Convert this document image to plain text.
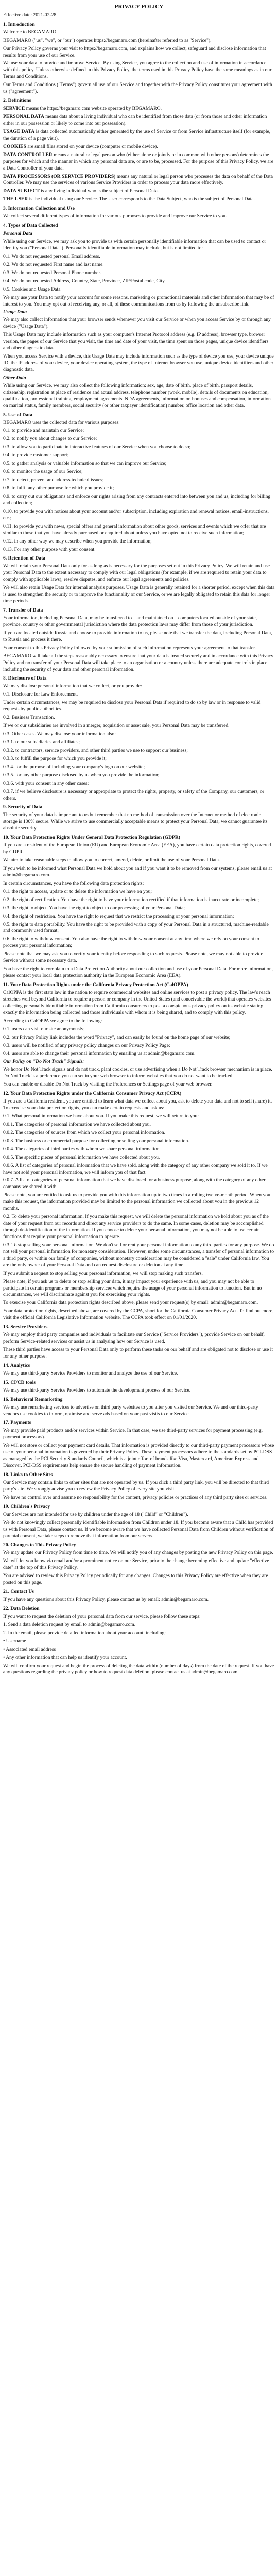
PRIVACY POLICY
Effective date: 2021-02-28
1. Introduction
Welcome to BEGAMARO.
BEGAMARO ("us", "we", or "our") operates https://begamaro.com (hereinafter referred to as "Service").
Our Privacy Policy governs your visit to https://begamaro.com, and explains how we collect, safeguard and disclose information that results from your use of our Service.
We use your data to provide and improve Service. By using Service, you agree to the collection and use of information in accordance with this policy. Unless otherwise defined in this Privacy Policy, the terms used in this Privacy Policy have the same meanings as in our Terms and Conditions.
Our Terms and Conditions ("Terms") govern all use of our Service and together with the Privacy Policy constitutes your agreement with us ("agreement").
2. Definitions
SERVICE means the https://begamaro.com website operated by BEGAMARO.
PERSONAL DATA means data about a living individual who can be identified from those data (or from those and other information either in our possession or likely to come into our possession).
USAGE DATA is data collected automatically either generated by the use of Service or from Service infrastructure itself (for example, the duration of a page visit).
COOKIES are small files stored on your device (computer or mobile device).
DATA CONTROLLER means a natural or legal person who (either alone or jointly or in common with other persons) determines the purposes for which and the manner in which any personal data are, or are to be, processed. For the purpose of this Privacy Policy, we are a Data Controller of your data.
DATA PROCESSORS (OR SERVICE PROVIDERS) means any natural or legal person who processes the data on behalf of the Data Controller. We may use the services of various Service Providers in order to process your data more effectively.
DATA SUBJECT is any living individual who is the subject of Personal Data.
THE USER is the individual using our Service. The User corresponds to the Data Subject, who is the subject of Personal Data.
3. Information Collection and Use
We collect several different types of information for various purposes to provide and improve our Service to you.
4. Types of Data Collected
Personal Data
While using our Service, we may ask you to provide us with certain personally identifiable information that can be used to contact or identify you ("Personal Data"). Personally identifiable information may include, but is not limited to:
0.1. We do not requested personal Email address.
0.2. We do not requested First name and last name.
0.3. We do not requested Personal Phone number.
0.4. We do not requested Address, Country, State, Province, ZIP/Postal code, City.
0.5. Cookies and Usage Data
We may use your Data to notify your account for some reasons, marketing or promotional materials and other information that may be of interest to you. You may opt out of receiving any, or all, of these communications from us by following the unsubscribe link.
Usage Data
We may also collect information that your browser sends whenever you visit our Service or when you access Service by or through any device ("Usage Data").
This Usage Data may include information such as your computer's Internet Protocol address (e.g. IP address), browser type, browser version, the pages of our Service that you visit, the time and date of your visit, the time spent on those pages, unique device identifiers and other diagnostic data.
When you access Service with a device, this Usage Data may include information such as the type of device you use, your device unique ID, the IP address of your device, your device operating system, the type of Internet browser you use, unique device identifiers and other diagnostic data.
Other Data
While using our Service, we may also collect the following information: sex, age, date of birth, place of birth, passport details, citizenship, registration at place of residence and actual address, telephone number (work, mobile), details of documents on education, qualification, professional training, employment agreements, NDA agreements, information on bonuses and compensation, information on marital status, family members, social security (or other taxpayer identification) number, office location and other data.
5. Use of Data
BEGAMARO uses the collected data for various purposes:
0.1. to provide and maintain our Service;
0.2. to notify you about changes to our Service;
0.3. to allow you to participate in interactive features of our Service when you choose to do so;
0.4. to provide customer support;
0.5. to gather analysis or valuable information so that we can improve our Service;
0.6. to monitor the usage of our Service;
0.7. to detect, prevent and address technical issues;
0.8. to fulfil any other purpose for which you provide it;
0.9. to carry out our obligations and enforce our rights arising from any contracts entered into between you and us, including for billing and collection;
0.10. to provide you with notices about your account and/or subscription, including expiration and renewal notices, email-instructions, etc.;
0.11. to provide you with news, special offers and general information about other goods, services and events which we offer that are similar to those that you have already purchased or enquired about unless you have opted not to receive such information;
0.12. in any other way we may describe when you provide the information;
0.13. For any other purpose with your consent.
6. Retention of Data
We will retain your Personal Data only for as long as is necessary for the purposes set out in this Privacy Policy. We will retain and use your Personal Data to the extent necessary to comply with our legal obligations (for example, if we are required to retain your data to comply with applicable laws), resolve disputes, and enforce our legal agreements and policies.
We will also retain Usage Data for internal analysis purposes. Usage Data is generally retained for a shorter period, except when this data is used to strengthen the security or to improve the functionality of our Service, or we are legally obligated to retain this data for longer time periods.
7. Transfer of Data
Your information, including Personal Data, may be transferred to – and maintained on – computers located outside of your state, province, country or other governmental jurisdiction where the data protection laws may differ from those of your jurisdiction.
If you are located outside Russia and choose to provide information to us, please note that we transfer the data, including Personal Data, to Russia and process it there.
Your consent to this Privacy Policy followed by your submission of such information represents your agreement to that transfer.
BEGAMARO will take all the steps reasonably necessary to ensure that your data is treated securely and in accordance with this Privacy Policy and no transfer of your Personal Data will take place to an organisation or a country unless there are adequate controls in place including the security of your data and other personal information.
8. Disclosure of Data
We may disclose personal information that we collect, or you provide:
0.1. Disclosure for Law Enforcement.
Under certain circumstances, we may be required to disclose your Personal Data if required to do so by law or in response to valid requests by public authorities.
0.2. Business Transaction.
If we or our subsidiaries are involved in a merger, acquisition or asset sale, your Personal Data may be transferred.
0.3. Other cases. We may disclose your information also:
0.3.1. to our subsidiaries and affiliates;
0.3.2. to contractors, service providers, and other third parties we use to support our business;
0.3.3. to fulfill the purpose for which you provide it;
0.3.4. for the purpose of including your company's logo on our website;
0.3.5. for any other purpose disclosed by us when you provide the information;
0.3.6. with your consent in any other cases;
0.3.7. if we believe disclosure is necessary or appropriate to protect the rights, property, or safety of the Company, our customers, or others.
9. Security of Data
The security of your data is important to us but remember that no method of transmission over the Internet or method of electronic storage is 100% secure. While we strive to use commercially acceptable means to protect your Personal Data, we cannot guarantee its absolute security.
10. Your Data Protection Rights Under General Data Protection Regulation (GDPR)
If you are a resident of the European Union (EU) and European Economic Area (EEA), you have certain data protection rights, covered by GDPR.
We aim to take reasonable steps to allow you to correct, amend, delete, or limit the use of your Personal Data.
If you wish to be informed what Personal Data we hold about you and if you want it to be removed from our systems, please email us at admin@begamaro.com.
In certain circumstances, you have the following data protection rights:
0.1. the right to access, update or to delete the information we have on you;
0.2. the right of rectification. You have the right to have your information rectified if that information is inaccurate or incomplete;
0.3. the right to object. You have the right to object to our processing of your Personal Data;
0.4. the right of restriction. You have the right to request that we restrict the processing of your personal information;
0.5. the right to data portability. You have the right to be provided with a copy of your Personal Data in a structured, machine-readable and commonly used format;
0.6. the right to withdraw consent. You also have the right to withdraw your consent at any time where we rely on your consent to process your personal information;
Please note that we may ask you to verify your identity before responding to such requests. Please note, we may not able to provide Service without some necessary data.
You have the right to complain to a Data Protection Authority about our collection and use of your Personal Data. For more information, please contact your local data protection authority in the European Economic Area (EEA).
11. Your Data Protection Rights under the California Privacy Protection Act (CalOPPA)
CalOPPA is the first state law in the nation to require commercial websites and online services to post a privacy policy. The law's reach stretches well beyond California to require a person or company in the United States (and conceivable the world) that operates websites collecting personally identifiable information from California consumers to post a conspicuous privacy policy on its website stating exactly the information being collected and those individuals with whom it is being shared, and to comply with this policy.
According to CalOPPA we agree to the following:
0.1. users can visit our site anonymously;
0.2. our Privacy Policy link includes the word "Privacy", and can easily be found on the home page of our website;
0.3. users will be notified of any privacy policy changes on our Privacy Policy Page;
0.4. users are able to change their personal information by emailing us at admin@begamaro.com.
Our Policy on "Do Not Track" Signals:
We honor Do Not Track signals and do not track, plant cookies, or use advertising when a Do Not Track browser mechanism is in place. Do Not Track is a preference you can set in your web browser to inform websites that you do not want to be tracked.
You can enable or disable Do Not Track by visiting the Preferences or Settings page of your web browser.
12. Your Data Protection Rights under the California Consumer Privacy Act (CCPA)
If you are a California resident, you are entitled to learn what data we collect about you, ask to delete your data and not to sell (share) it. To exercise your data protection rights, you can make certain requests and ask us:
0.1. What personal information we have about you. If you make this request, we will return to you:
0.0.1. The categories of personal information we have collected about you.
0.0.2. The categories of sources from which we collect your personal information.
0.0.3. The business or commercial purpose for collecting or selling your personal information.
0.0.4. The categories of third parties with whom we share personal information.
0.0.5. The specific pieces of personal information we have collected about you.
0.0.6. A list of categories of personal information that we have sold, along with the category of any other company we sold it to. If we have not sold your personal information, we will inform you of that fact.
0.0.7. A list of categories of personal information that we have disclosed for a business purpose, along with the category of any other company we shared it with.
Please note, you are entitled to ask us to provide you with this information up to two times in a rolling twelve-month period. When you make this request, the information provided may be limited to the personal information we collected about you in the previous 12 months.
0.2. To delete your personal information. If you make this request, we will delete the personal information we hold about you as of the date of your request from our records and direct any service providers to do the same. In some cases, deletion may be accomplished through de-identification of the information. If you choose to delete your personal information, you may not be able to use certain functions that require your personal information to operate.
0.3. To stop selling your personal information. We don't sell or rent your personal information to any third parties for any purpose. We do not sell your personal information for monetary consideration. However, under some circumstances, a transfer of personal information to a third party, or within our family of companies, without monetary consideration may be considered a "sale" under California law. You are the only owner of your Personal Data and can request disclosure or deletion at any time.
If you submit a request to stop selling your personal information, we will stop making such transfers.
Please note, if you ask us to delete or stop selling your data, it may impact your experience with us, and you may not be able to participate in certain programs or membership services which require the usage of your personal information to function. But in no circumstances, we will discriminate against you for exercising your rights.
To exercise your California data protection rights described above, please send your request(s) by email: admin@begamaro.com.
Your data protection rights, described above, are covered by the CCPA, short for the California Consumer Privacy Act. To find out more, visit the official California Legislative Information website. The CCPA took effect on 01/01/2020.
13. Service Providers
We may employ third party companies and individuals to facilitate our Service ("Service Providers"), provide Service on our behalf, perform Service-related services or assist us in analysing how our Service is used.
These third parties have access to your Personal Data only to perform these tasks on our behalf and are obligated not to disclose or use it for any other purpose.
14. Analytics
We may use third-party Service Providers to monitor and analyze the use of our Service.
15. CI/CD tools
We may use third-party Service Providers to automate the development process of our Service.
16. Behavioral Remarketing
We may use remarketing services to advertise on third party websites to you after you visited our Service. We and our third-party vendors use cookies to inform, optimise and serve ads based on your past visits to our Service.
17. Payments
We may provide paid products and/or services within Service. In that case, we use third-party services for payment processing (e.g. payment processors).
We will not store or collect your payment card details. That information is provided directly to our third-party payment processors whose use of your personal information is governed by their Privacy Policy. These payment processors adhere to the standards set by PCI-DSS as managed by the PCI Security Standards Council, which is a joint effort of brands like Visa, Mastercard, American Express and Discover. PCI-DSS requirements help ensure the secure handling of payment information.
18. Links to Other Sites
Our Service may contain links to other sites that are not operated by us. If you click a third party link, you will be directed to that third party's site. We strongly advise you to review the Privacy Policy of every site you visit.
We have no control over and assume no responsibility for the content, privacy policies or practices of any third party sites or services.
19. Children's Privacy
Our Services are not intended for use by children under the age of 18 ("Child" or "Children").
We do not knowingly collect personally identifiable information from Children under 18. If you become aware that a Child has provided us with Personal Data, please contact us. If we become aware that we have collected Personal Data from Children without verification of parental consent, we take steps to remove that information from our servers.
20. Changes to This Privacy Policy
We may update our Privacy Policy from time to time. We will notify you of any changes by posting the new Privacy Policy on this page.
We will let you know via email and/or a prominent notice on our Service, prior to the change becoming effective and update "effective date" at the top of this Privacy Policy.
You are advised to review this Privacy Policy periodically for any changes. Changes to this Privacy Policy are effective when they are posted on this page.
21. Contact Us
If you have any questions about this Privacy Policy, please contact us by email: admin@begamaro.com.
22. Data Deletion
If you want to request the deletion of your personal data from our service, please follow these steps:
1. Send a data deletion request by email to admin@begamaro.com.
2. In the email, please provide detailed information about your account, including:
• Username
• Associated email address
• Any other information that can help us identify your account.
We will confirm your request and begin the process of deleting the data within (number of days) from the date of the request. If you have any questions regarding the privacy policy or how to request data deletion, please contact us at admin@begamaro.com.
